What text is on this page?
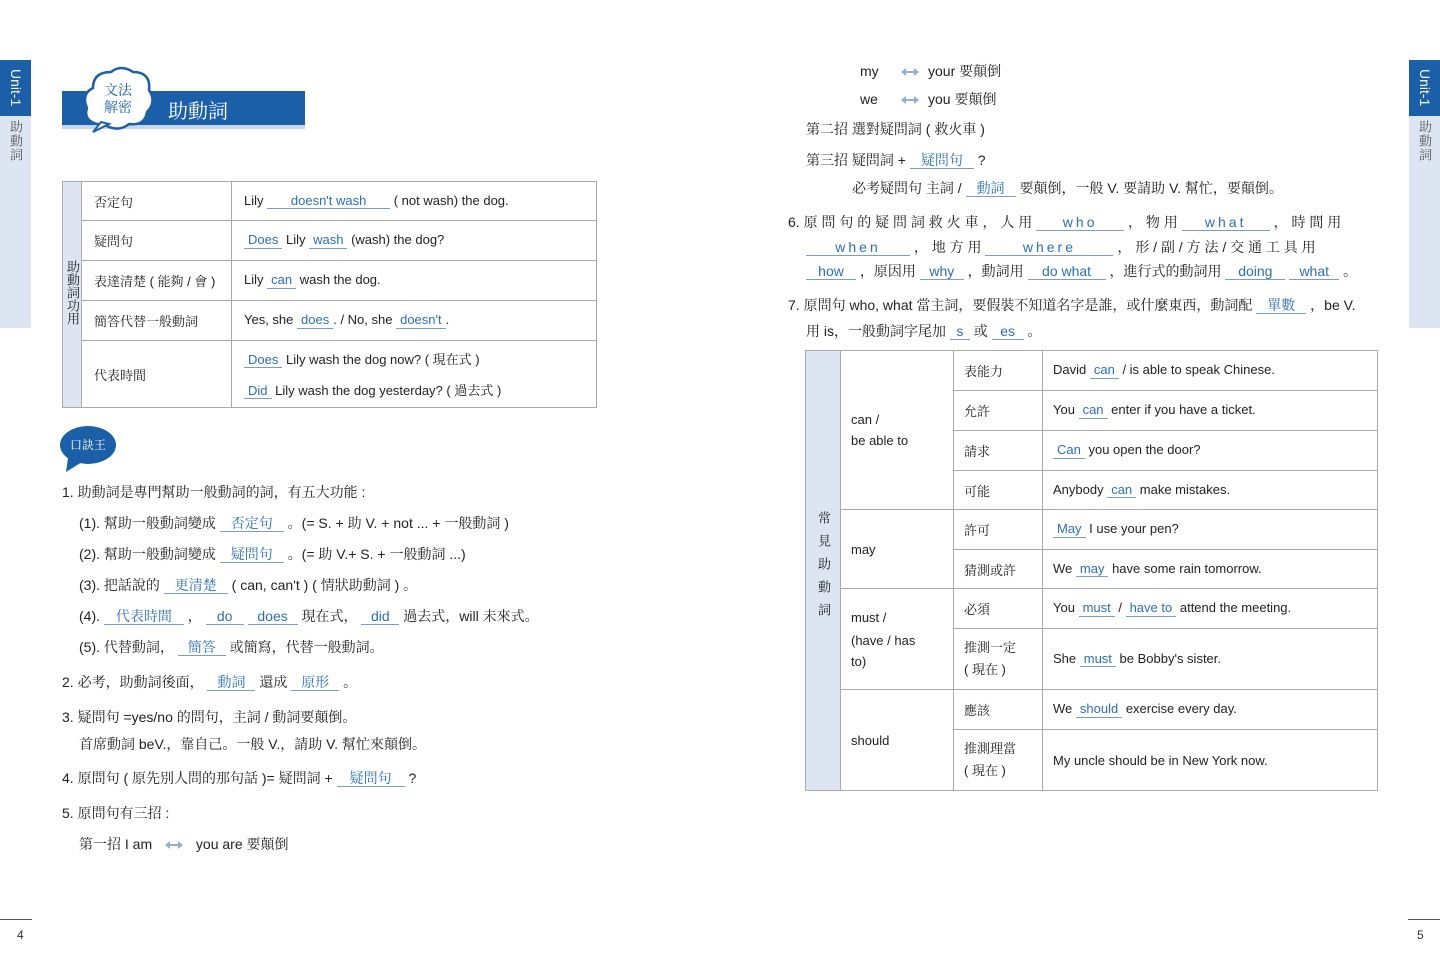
Unit-1
助動詞
Unit-1
助動詞
4	5
助動詞
文法
解密
助動詞功用	否定句	Lily doesn't wash ( not wash) the dog.
	疑問句	Does Lily wash (wash) the dog?
	表達清楚 ( 能夠 / 會 )	Lily can wash the dog.
	簡答代替一般動詞	Yes, she does . / No, she doesn't .
	代表時間	Does Lily wash the dog now? ( 現在式 )
Did Lily wash the dog yesterday? ( 過去式 )
口訣王
1. 助動詞是專門幫助一般動詞的詞，有五大功能 :
(1). 幫助一般動詞變成 否定句 。(= S. + 助 V. + not ... + 一般動詞 )
(2). 幫助一般動詞變成 疑問句 。(= 助 V.+ S. + 一般動詞 ...)
(3). 把話說的 更清楚 ( can, can't ) ( 情狀助動詞 ) 。
(4). 代表時間 ， do does 現在式， did 過去式，will 未來式。
(5). 代替動詞， 簡答 或簡寫，代替一般動詞。
2. 必考，助動詞後面， 動詞 還成 原形 。
3. 疑問句 =yes/no 的問句，主詞 / 動詞要顛倒。
首席動詞 beV.，靠自己。一般 V.，請助 V. 幫忙來顛倒。
4. 原問句 ( 原先別人問的那句話 )= 疑問詞 + 疑問句 ?
5. 原問句有三招 :
第一招 I am	you are 要顛倒
my	your 要顛倒
we	you 要顛倒
第二招 選對疑問詞 ( 救火車 )
第三招 疑問詞 + 疑問句 ?
必考疑問句 主詞 / 動詞 要顛倒，一般 V. 要請助 V. 幫忙，要顛倒。
6. 原 問 句 的 疑 問 詞 救 火 車 ， 人 用 who ， 物 用 what ， 時 間 用
when ， 地 方 用	where	， 形 / 副 / 方 法 / 交 通 工 具 用
how ，原因用 why ，動詞用 do what ，進行式的動詞用 doing what 。
7. 原問句 who, what 當主詞，要假裝不知道名字是誰，或什麼東西，動詞配 單數 ，be V.
用 is，一般動詞字尾加 s 或 es 。
常見助動詞	can /
be able to	表能力	David can / is able to speak Chinese.
		允許	You can enter if you have a ticket.
		請求	Can you open the door?
		可能	Anybody can make mistakes.
	may	許可	May I use your pen?
		猜測或許	We may have some rain tomorrow.

	must /
(have / has
to)	必須	You must / have to attend the meeting.
		推測一定
( 現在 )	She must be Bobby's sister.
	should	應該	We should exercise every day.
		推測理當
( 現在 )	My uncle should be in New York now.
